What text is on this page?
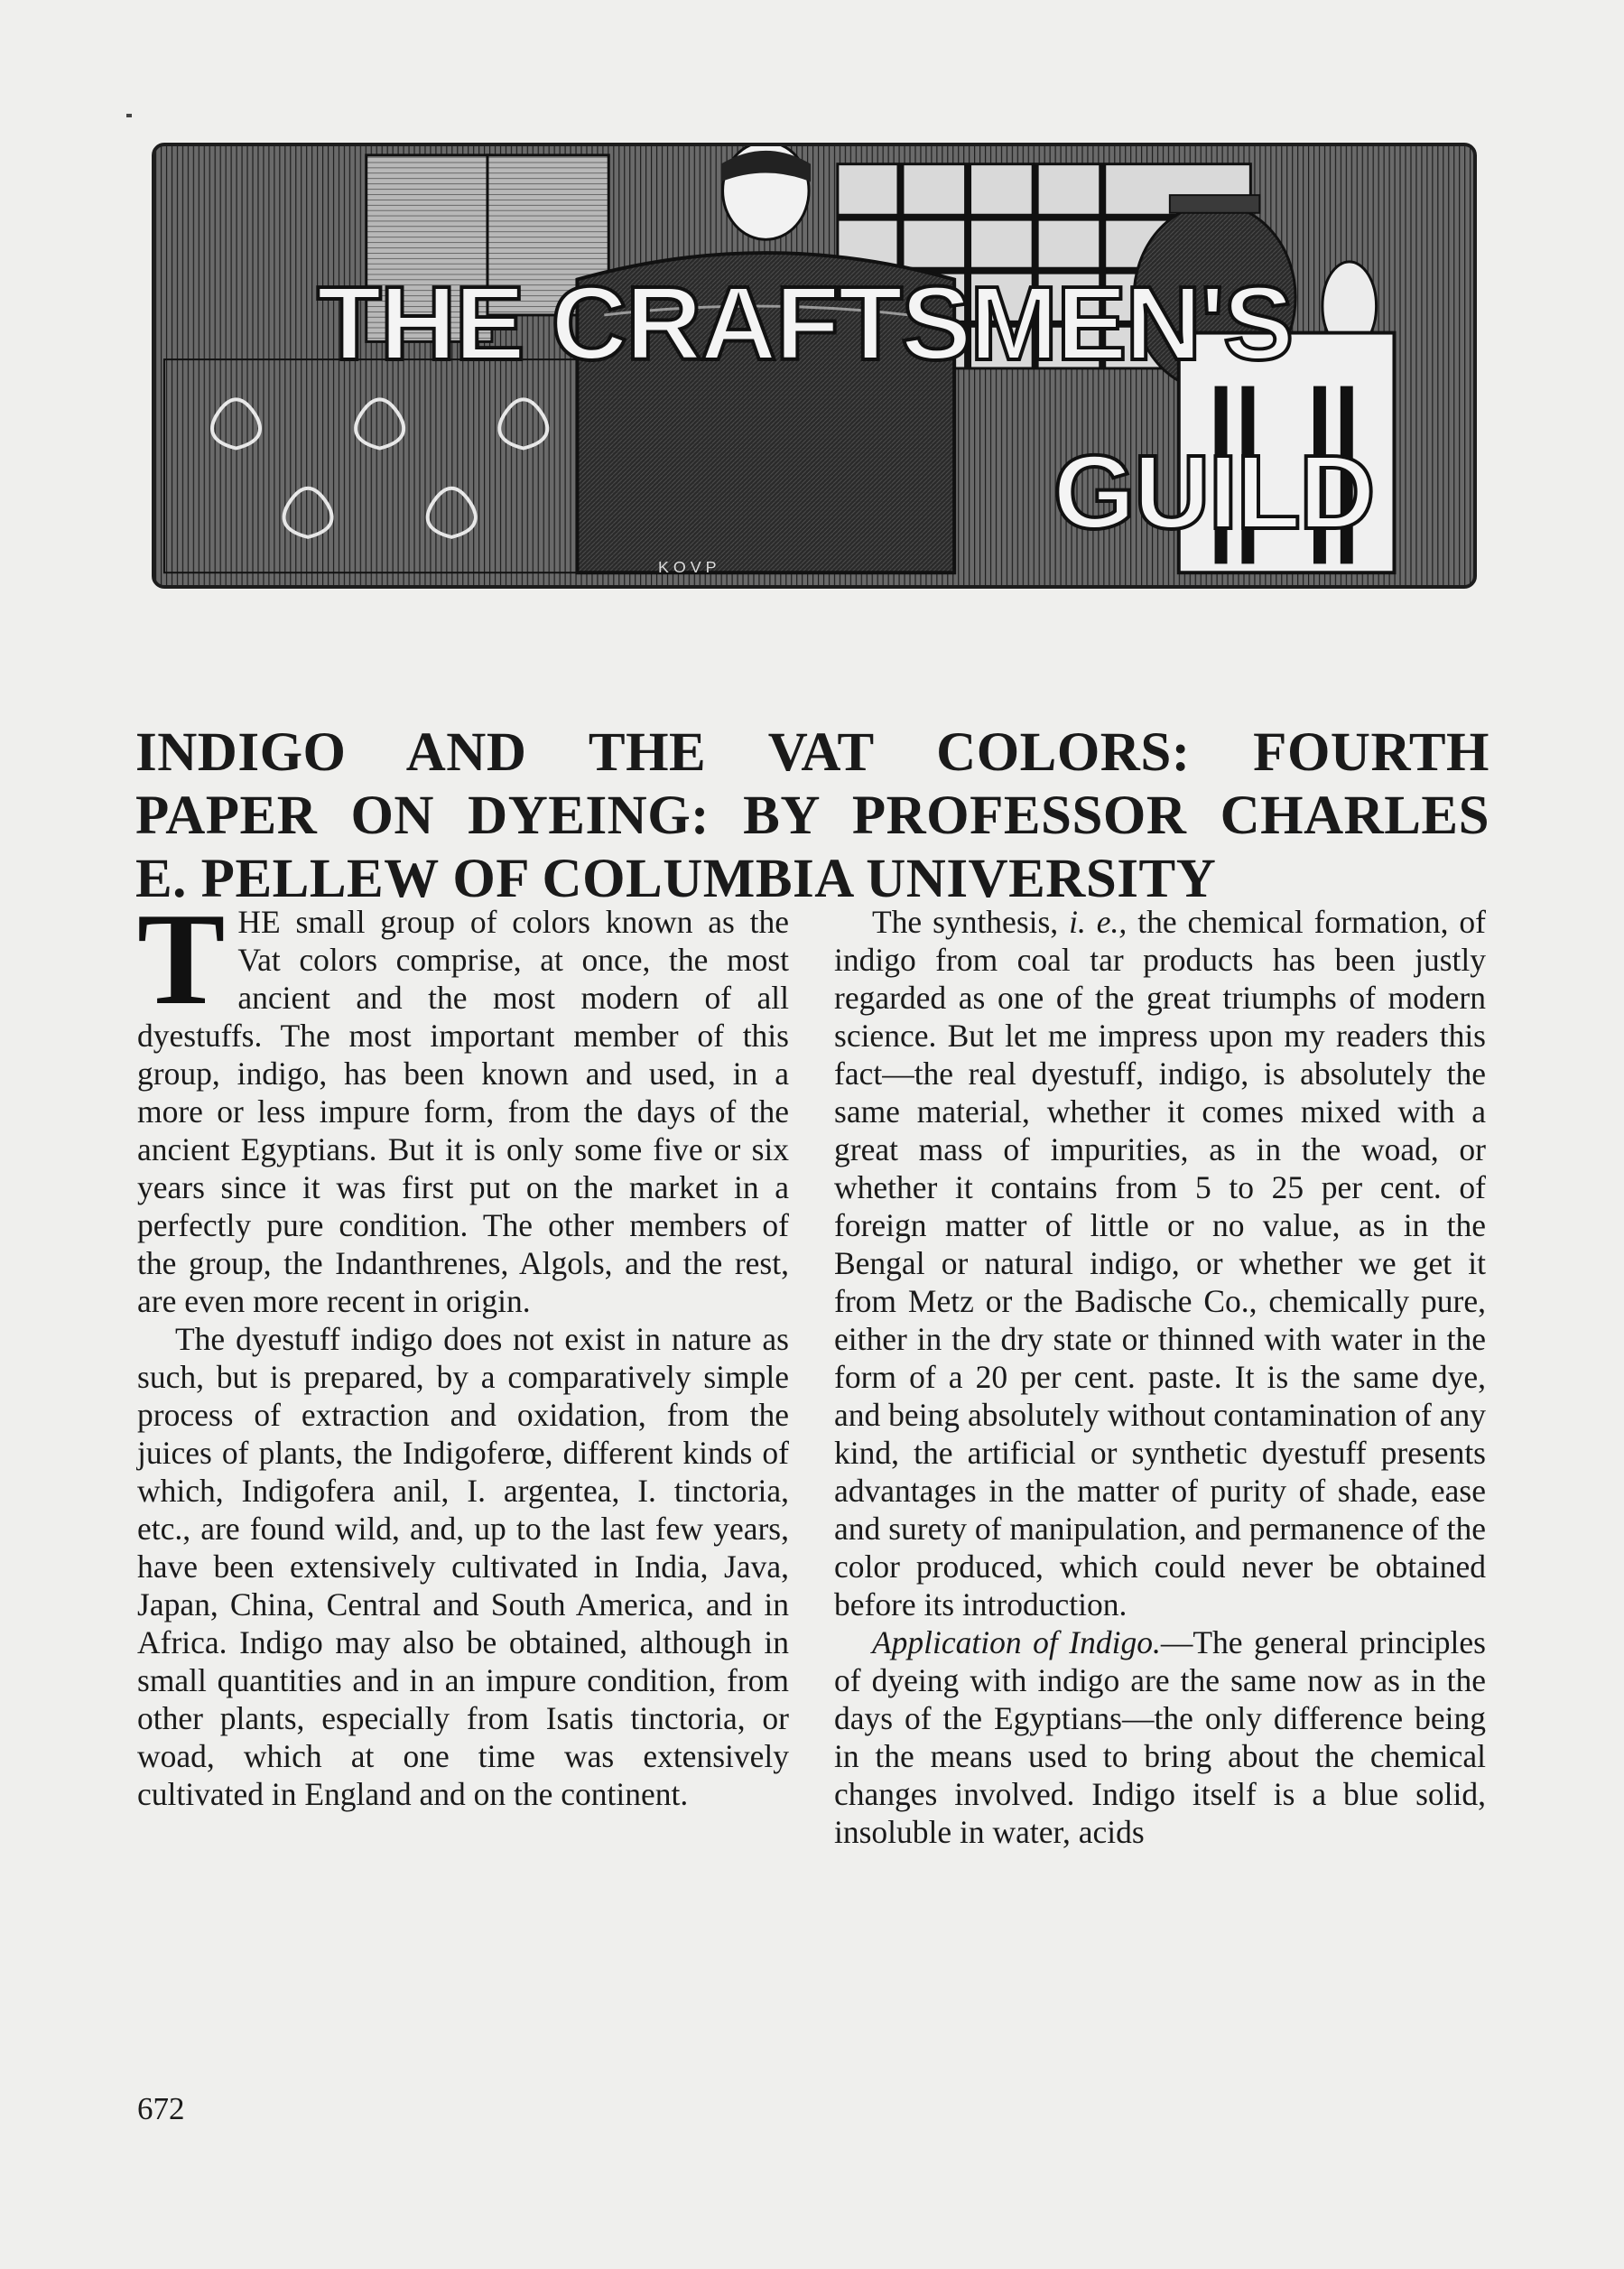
THE CRAFTSMEN'S
GUILD
K O V P
INDIGO AND THE VAT COLORS: FOURTH
PAPER ON DYEING: BY PROFESSOR CHARLES
E. PELLEW OF COLUMBIA UNIVERSITY

THE small group of colors known as the Vat colors comprise, at once, the most ancient and the most modern of all dyestuffs. The most important member of this group, indigo, has been known and used, in a more or less impure form, from the days of the ancient Egyptians. But it is only some five or six years since it was first put on the market in a perfectly pure condition. The other members of the group, the Indanthrenes, Algols, and the rest, are even more recent in origin.

The dyestuff indigo does not exist in nature as such, but is prepared, by a comparatively simple process of extraction and oxidation, from the juices of plants, the Indigoferœ, different kinds of which, Indigofera anil, I. argentea, I. tinctoria, etc., are found wild, and, up to the last few years, have been extensively cultivated in India, Java, Japan, China, Central and South America, and in Africa. Indigo may also be obtained, although in small quantities and in an impure condition, from other plants, especially from Isatis tinctoria, or woad, which at one time was extensively cultivated in England and on the continent.

The synthesis, i. e., the chemical formation, of indigo from coal tar products has been justly regarded as one of the great triumphs of modern science. But let me impress upon my readers this fact—the real dyestuff, indigo, is absolutely the same material, whether it comes mixed with a great mass of impurities, as in the woad, or whether it contains from 5 to 25 per cent. of foreign matter of little or no value, as in the Bengal or natural indigo, or whether we get it from Metz or the Badische Co., chemically pure, either in the dry state or thinned with water in the form of a 20 per cent. paste. It is the same dye, and being absolutely without contamination of any kind, the artificial or synthetic dyestuff presents advantages in the matter of purity of shade, ease and surety of manipulation, and permanence of the color produced, which could never be obtained before its introduction.

Application of Indigo.—The general principles of dyeing with indigo are the same now as in the days of the Egyptians—the only difference being in the means used to bring about the chemical changes involved. Indigo itself is a blue solid, insoluble in water, acids

672
